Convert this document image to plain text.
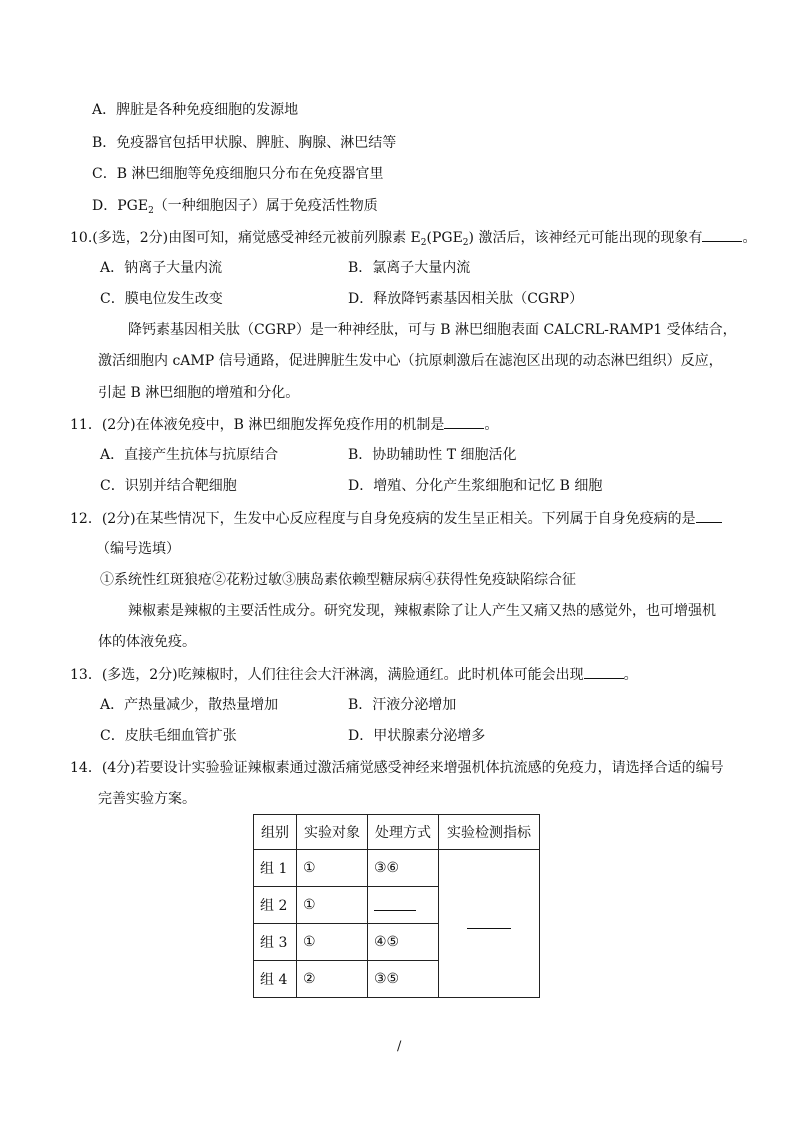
A．脾脏是各种免疫细胞的发源地
B．免疫器官包括甲状腺、脾脏、胸腺、淋巴结等
C．B 淋巴细胞等免疫细胞只分布在免疫器官里
D．$PGE_2$（一种细胞因子）属于免疫活性物质
10.(多选，2分)由图可知，痛觉感受神经元被前列腺素 $E_2(PGE_2)$ 激活后，该神经元可能出现的现象有	。
A．钠离子大量内流	B．氯离子大量内流
C．膜电位发生改变	D．释放降钙素基因相关肽（CGRP）
降钙素基因相关肽（CGRP）是一种神经肽，可与 B 淋巴细胞表面 CALCRL-RAMP1 受体结合，
激活细胞内 cAMP 信号通路，促进脾脏生发中心（抗原刺激后在滤泡区出现的动态淋巴组织）反应，
引起 B 淋巴细胞的增殖和分化。
11．(2分)在体液免疫中，B 淋巴细胞发挥免疫作用的机制是	。
A．直接产生抗体与抗原结合	B．协助辅助性 T 细胞活化
C．识别并结合靶细胞	D．增殖、分化产生浆细胞和记忆 B 细胞
12．(2分)在某些情况下，生发中心反应程度与自身免疫病的发生呈正相关。下列属于自身免疫病的是
（编号选填）
①系统性红斑狼疮②花粉过敏③胰岛素依赖型糖尿病④获得性免疫缺陷综合征
辣椒素是辣椒的主要活性成分。研究发现，辣椒素除了让人产生又痛又热的感觉外，也可增强机
体的体液免疫。
13．(多选，2分)吃辣椒时，人们往往会大汗淋漓，满脸通红。此时机体可能会出现	。
A．产热量减少，散热量增加	B．汗液分泌增加
C．皮肤毛细血管扩张	D．甲状腺素分泌增多
14．(4分)若要设计实验验证辣椒素通过激活痛觉感受神经来增强机体抗流感的免疫力，请选择合适的编号
完善实验方案。
组别	实验对象	处理方式	实验检测指标
组 1	①	③⑥	
组 2	①		
组 3	①	④⑤	
组 4	②	③⑤	
/
